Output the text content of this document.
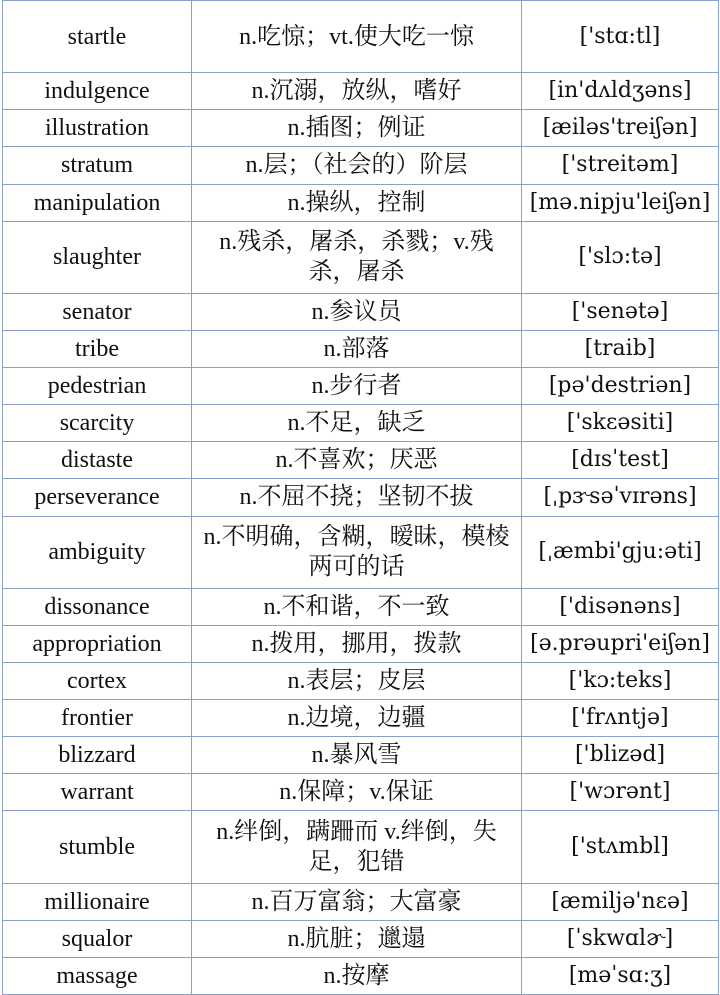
startle	n.吃惊；vt.使大吃一惊	['stɑ:tl]
indulgence	n.沉溺，放纵，嗜好	[in'dʌldʒəns]
illustration	n.插图；例证	[æiləs'treiʃən]
stratum	n.层；（社会的）阶层	['streitəm]
manipulation	n.操纵，控制	[mə.nipju'leiʃən]
slaughter	n.残杀，屠杀，杀戮；v.残杀，屠杀	['slɔ:tə]
senator	n.参议员	['senətə]
tribe	n.部落	[traib]
pedestrian	n.步行者	[pə'destriən]
scarcity	n.不足，缺乏	['skɛəsiti]
distaste	n.不喜欢；厌恶	[dɪsˈtest]
perseverance	n.不屈不挠；坚韧不拔	[ˌpɝsəˈvɪrəns]
ambiguity	n.不明确，含糊，暧昧，模棱两可的话	[ˌæmbi'gju:əti]
dissonance	n.不和谐，不一致	['disənəns]
appropriation	n.拨用，挪用，拨款	[ə.prəupri'eiʃən]
cortex	n.表层；皮层	['kɔ:teks]
frontier	n.边境，边疆	['frʌntjə]
blizzard	n.暴风雪	['blizəd]
warrant	n.保障；v.保证	['wɔrənt]
stumble	n.绊倒，蹒跚而 v.绊倒，失足，犯错	['stʌmbl]
millionaire	n.百万富翁；大富豪	[æmiljə'nɛə]
squalor	n.肮脏；邋遢	[ˈskwɑlɚ]
massage	n.按摩	[məˈsɑ:ʒ]
